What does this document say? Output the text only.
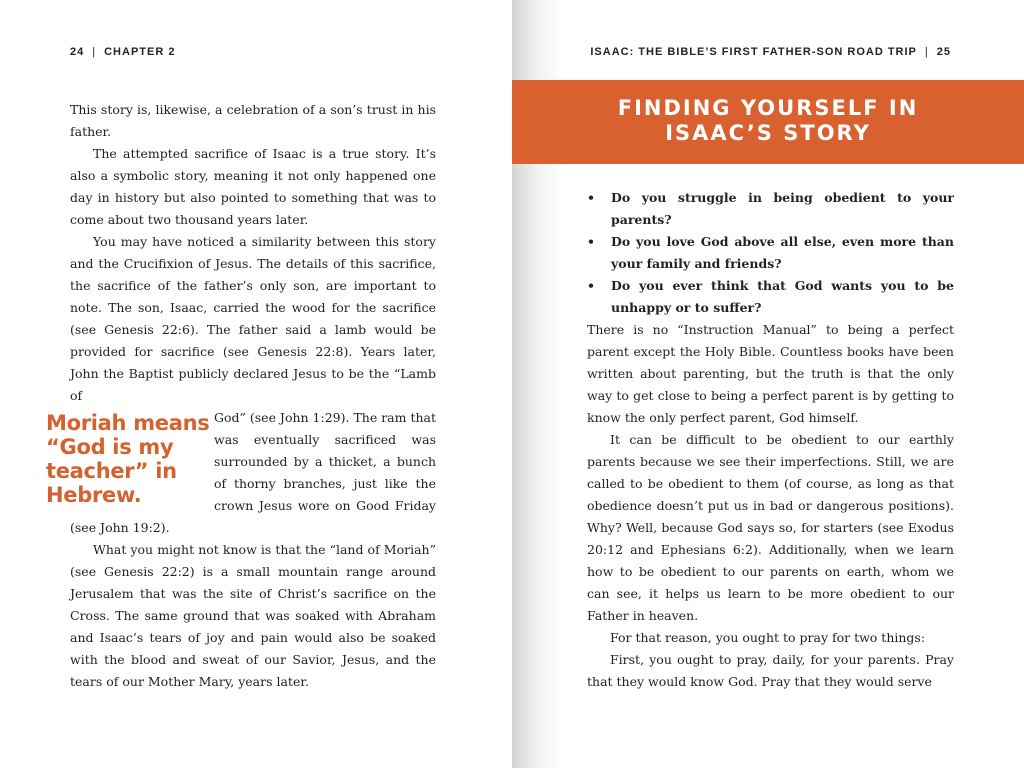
24 | CHAPTER 2

This story is, likewise, a celebration of a son’s trust in his father.

The attempted sacrifice of Isaac is a true story. It’s also a symbolic story, meaning it not only happened one day in history but also pointed to something that was to come about two thousand years later.

You may have noticed a similarity between this story and the Crucifixion of Jesus. The details of this sacrifice, the sacrifice of the father’s only son, are important to note. The son, Isaac, carried the wood for the sacrifice (see Genesis 22:6). The father said a lamb would be provided for sacrifice (see Genesis 22:8). Years later, John the Baptist publicly declared Jesus to be the “Lamb of

Moriah means “God is my teacher” in Hebrew.

God” (see John 1:29). The ram that was eventually sacrificed was surrounded by a thicket, a bunch of thorny branches, just like the crown Jesus wore on Good Friday (see John 19:2).

What you might not know is that the “land of Moriah” (see Genesis 22:2) is a small mountain range around Jerusalem that was the site of Christ’s sacrifice on the Cross. The same ground that was soaked with Abraham and Isaac’s tears of joy and pain would also be soaked with the blood and sweat of our Savior, Jesus, and the tears of our Mother Mary, years later.

ISAAC: THE BIBLE’S FIRST FATHER-SON ROAD TRIP | 25
FINDING YOURSELF IN
ISAAC’S STORY
• Do you struggle in being obedient to your parents?
• Do you love God above all else, even more than your family and friends?
• Do you ever think that God wants you to be unhappy or to suffer?

There is no “Instruction Manual” to being a perfect parent except the Holy Bible. Countless books have been written about parenting, but the truth is that the only way to get close to being a perfect parent is by getting to know the only perfect parent, God himself.

It can be difficult to be obedient to our earthly parents because we see their imperfections. Still, we are called to be obedient to them (of course, as long as that obedience doesn’t put us in bad or dangerous positions). Why? Well, because God says so, for starters (see Exodus 20:12 and Ephesians 6:2). Additionally, when we learn how to be obedient to our parents on earth, whom we can see, it helps us learn to be more obedient to our Father in heaven.

For that reason, you ought to pray for two things:

First, you ought to pray, daily, for your parents. Pray that they would know God. Pray that they would serve
